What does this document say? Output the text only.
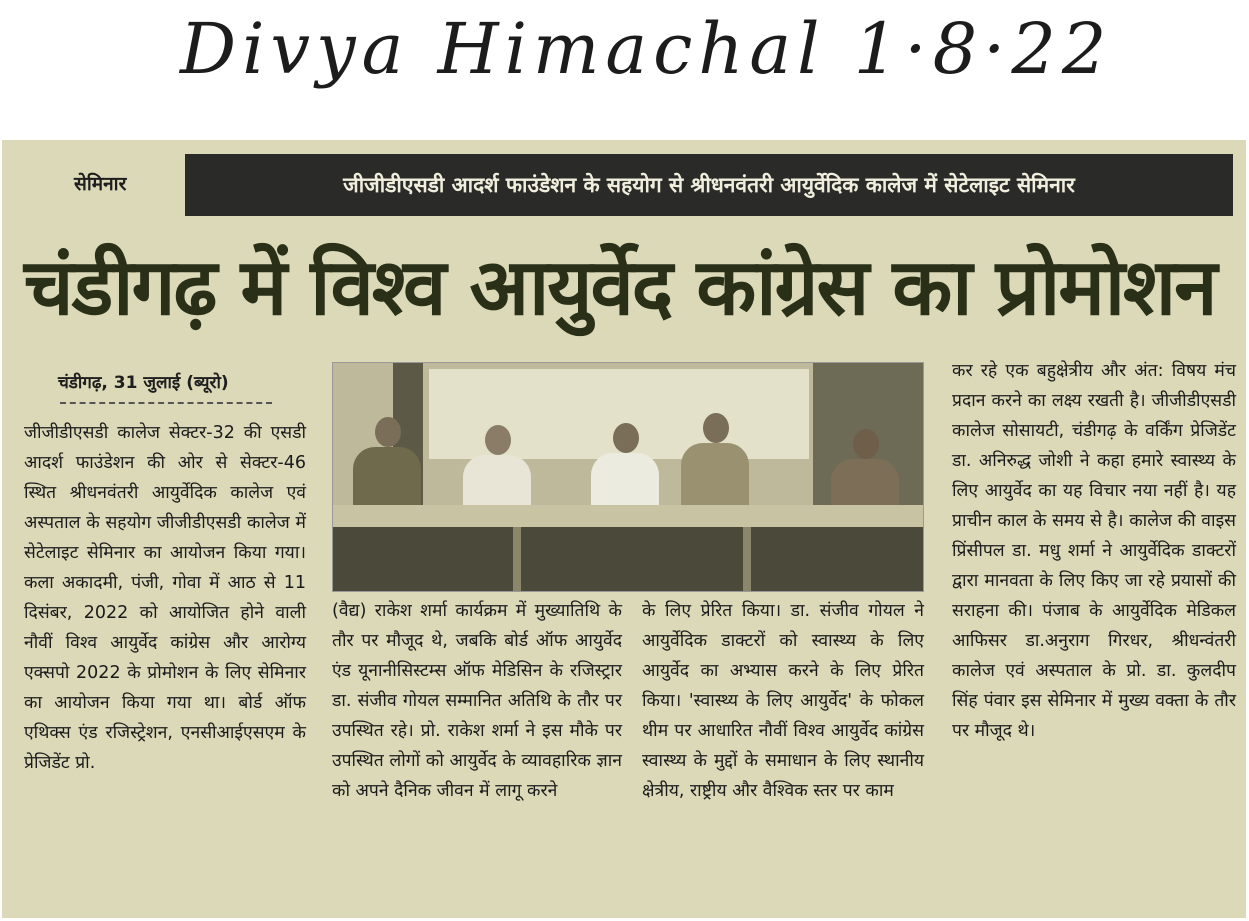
Divya Himachal 1·8·22
सेमिनार	जीजीडीएसडी आदर्श फाउंडेशन के सहयोग से श्रीधनवंतरी आयुर्वेदिक कालेज में सेटेलाइट सेमिनार
चंडीगढ़ में विश्व आयुर्वेद कांग्रेस का प्रोमोशन
चंडीगढ़, 31 जुलाई (ब्यूरो)
जीजीडीएसडी कालेज सेक्टर-32 की एसडी आदर्श फाउंडेशन की ओर से सेक्टर-46 स्थित श्रीधनवंतरी आयुर्वेदिक कालेज एवं अस्पताल के सहयोग जीजीडीएसडी कालेज में सेटेलाइट सेमिनार का आयोजन किया गया। कला अकादमी, पंजी, गोवा में आठ से 11 दिसंबर, 2022 को आयोजित होने वाली नौवीं विश्व आयुर्वेद कांग्रेस और आरोग्य एक्सपो 2022 के प्रोमोशन के लिए सेमिनार का आयोजन किया गया था। बोर्ड ऑफ एथिक्स एंड रजिस्ट्रेशन, एनसीआईएसएम के प्रेजिडेंट प्रो.
(वैद्य) राकेश शर्मा कार्यक्रम में मुख्यातिथि के तौर पर मौजूद थे, जबकि बोर्ड ऑफ आयुर्वेद एंड यूनानीसिस्टम्स ऑफ मेडिसिन के रजिस्ट्रार डा. संजीव गोयल सम्मानित अतिथि के तौर पर उपस्थित रहे। प्रो. राकेश शर्मा ने इस मौके पर उपस्थित लोगों को आयुर्वेद के व्यावहारिक ज्ञान को अपने दैनिक जीवन में लागू करने
के लिए प्रेरित किया। डा. संजीव गोयल ने आयुर्वेदिक डाक्टरों को स्वास्थ्य के लिए आयुर्वेद का अभ्यास करने के लिए प्रेरित किया। 'स्वास्थ्य के लिए आयुर्वेद' के फोकल थीम पर आधारित नौवीं विश्व आयुर्वेद कांग्रेस स्वास्थ्य के मुद्दों के समाधान के लिए स्थानीय क्षेत्रीय, राष्ट्रीय और वैश्विक स्तर पर काम
कर रहे एक बहुक्षेत्रीय और अंत: विषय मंच प्रदान करने का लक्ष्य रखती है। जीजीडीएसडी कालेज सोसायटी, चंडीगढ़ के वर्किंग प्रेजिडेंट डा. अनिरुद्ध जोशी ने कहा हमारे स्वास्थ्य के लिए आयुर्वेद का यह विचार नया नहीं है। यह प्राचीन काल के समय से है। कालेज की वाइस प्रिंसीपल डा. मधु शर्मा ने आयुर्वेदिक डाक्टरों द्वारा मानवता के लिए किए जा रहे प्रयासों की सराहना की। पंजाब के आयुर्वेदिक मेडिकल आफिसर डा.अनुराग गिरधर, श्रीधन्वंतरी कालेज एवं अस्पताल के प्रो. डा. कुलदीप सिंह पंवार इस सेमिनार में मुख्य वक्ता के तौर पर मौजूद थे।
